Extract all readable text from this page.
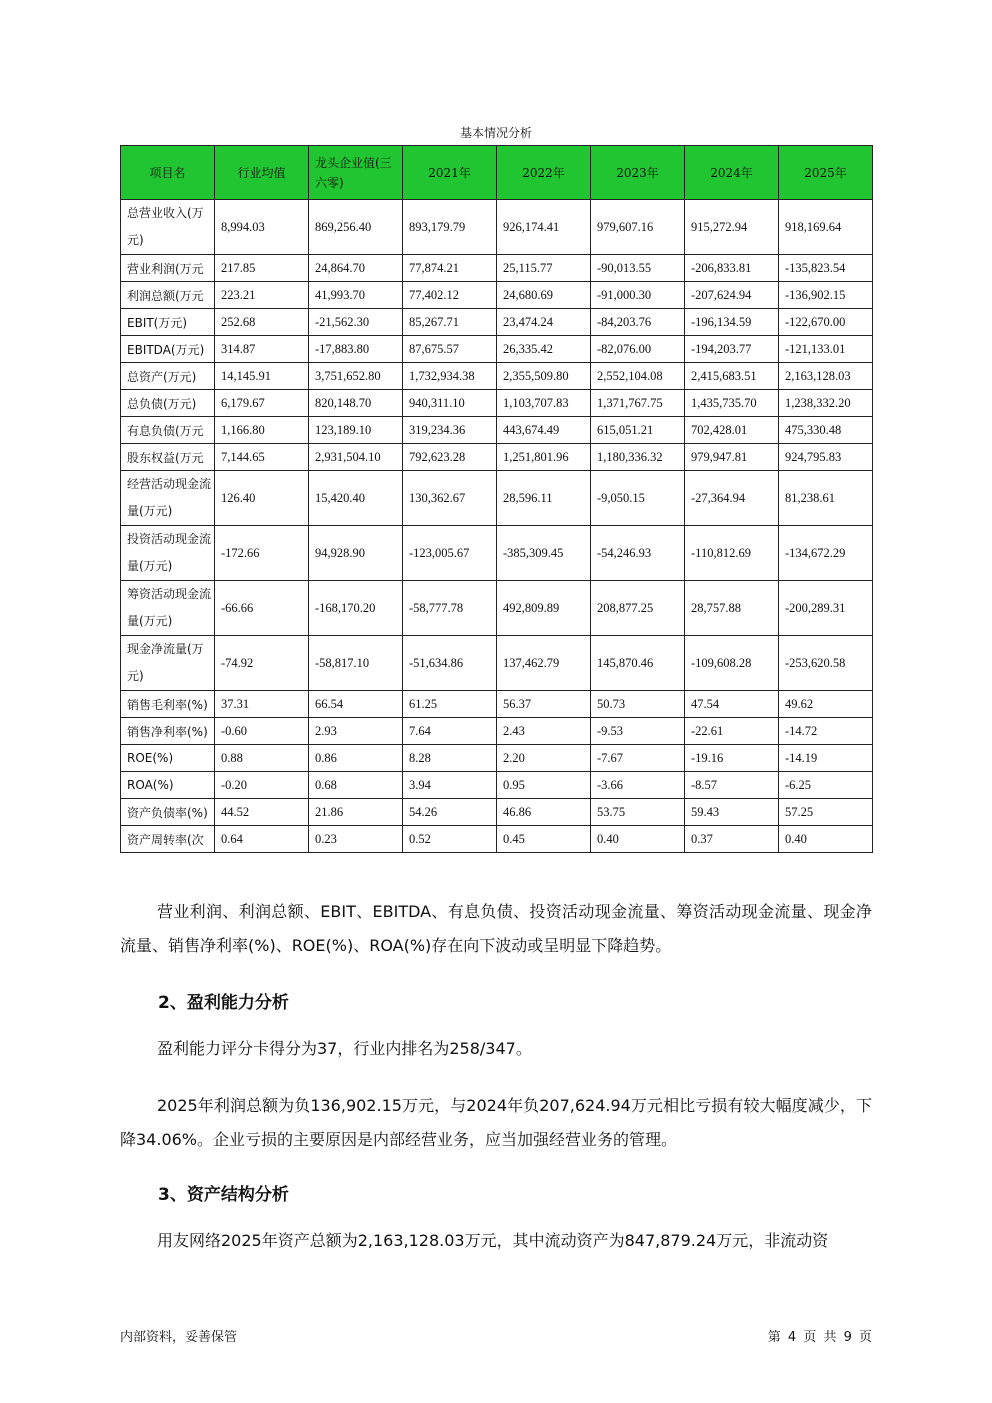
基本情况分析
项目名	行业均值	龙头企业值(三六零)	2021年	2022年	2023年	2024年	2025年
总营业收入(万元)	8,994.03	869,256.40	893,179.79	926,174.41	979,607.16	915,272.94	918,169.64
营业利润(万元	217.85	24,864.70	77,874.21	25,115.77	-90,013.55	-206,833.81	-135,823.54
利润总额(万元	223.21	41,993.70	77,402.12	24,680.69	-91,000.30	-207,624.94	-136,902.15
EBIT(万元)	252.68	-21,562.30	85,267.71	23,474.24	-84,203.76	-196,134.59	-122,670.00
EBITDA(万元)	314.87	-17,883.80	87,675.57	26,335.42	-82,076.00	-194,203.77	-121,133.01
总资产(万元)	14,145.91	3,751,652.80	1,732,934.38	2,355,509.80	2,552,104.08	2,415,683.51	2,163,128.03
总负债(万元)	6,179.67	820,148.70	940,311.10	1,103,707.83	1,371,767.75	1,435,735.70	1,238,332.20
有息负债(万元	1,166.80	123,189.10	319,234.36	443,674.49	615,051.21	702,428.01	475,330.48
股东权益(万元	7,144.65	2,931,504.10	792,623.28	1,251,801.96	1,180,336.32	979,947.81	924,795.83
经营活动现金流量(万元)	126.40	15,420.40	130,362.67	28,596.11	-9,050.15	-27,364.94	81,238.61
投资活动现金流量(万元)	-172.66	94,928.90	-123,005.67	-385,309.45	-54,246.93	-110,812.69	-134,672.29
筹资活动现金流量(万元)	-66.66	-168,170.20	-58,777.78	492,809.89	208,877.25	28,757.88	-200,289.31
现金净流量(万元)	-74.92	-58,817.10	-51,634.86	137,462.79	145,870.46	-109,608.28	-253,620.58
销售毛利率(%)	37.31	66.54	61.25	56.37	50.73	47.54	49.62
销售净利率(%)	-0.60	2.93	7.64	2.43	-9.53	-22.61	-14.72
ROE(%)	0.88	0.86	8.28	2.20	-7.67	-19.16	-14.19
ROA(%)	-0.20	0.68	3.94	0.95	-3.66	-8.57	-6.25
资产负债率(%)	44.52	21.86	54.26	46.86	53.75	59.43	57.25
资产周转率(次	0.64	0.23	0.52	0.45	0.40	0.37	0.40
营业利润、利润总额、EBIT、EBITDA、有息负债、投资活动现金流量、筹资活动现金流量、现金净流量、销售净利率(%)、ROE(%)、ROA(%)存在向下波动或呈明显下降趋势。
2、盈利能力分析
盈利能力评分卡得分为37，行业内排名为258/347。
2025年利润总额为负136,902.15万元，与2024年负207,624.94万元相比亏损有较大幅度减少，下降34.06%。企业亏损的主要原因是内部经营业务，应当加强经营业务的管理。
3、资产结构分析
用友网络2025年资产总额为2,163,128.03万元，其中流动资产为847,879.24万元，非流动资
内部资料，妥善保管	第 4 页 共 9 页
